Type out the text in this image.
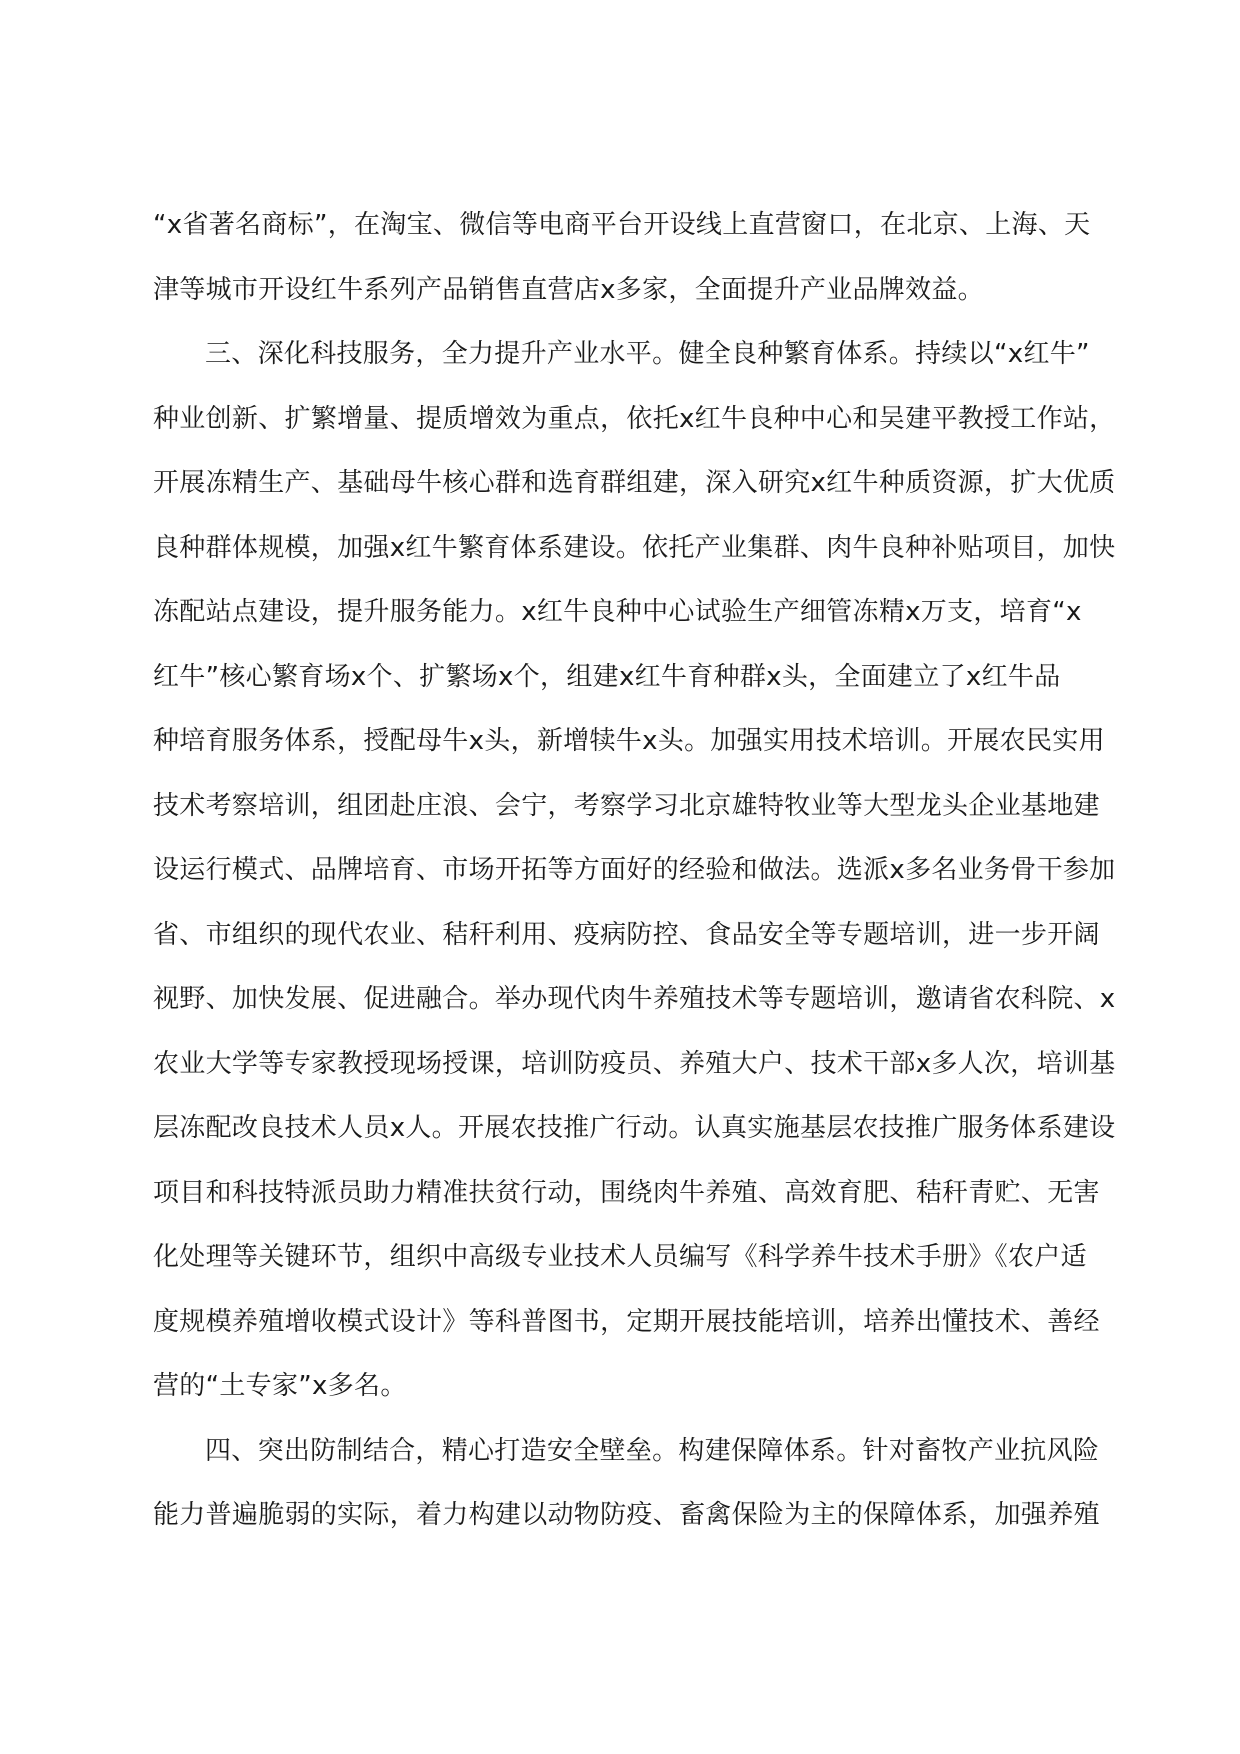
“x省著名商标”，在淘宝、微信等电商平台开设线上直营窗口，在北京、上海、天
津等城市开设红牛系列产品销售直营店x多家，全面提升产业品牌效益。
三、深化科技服务，全力提升产业水平。健全良种繁育体系。持续以“x红牛”
种业创新、扩繁增量、提质增效为重点，依托x红牛良种中心和吴建平教授工作站，
开展冻精生产、基础母牛核心群和选育群组建，深入研究x红牛种质资源，扩大优质
良种群体规模，加强x红牛繁育体系建设。依托产业集群、肉牛良种补贴项目，加快
冻配站点建设，提升服务能力。x红牛良种中心试验生产细管冻精x万支，培育“x
红牛”核心繁育场x个、扩繁场x个，组建x红牛育种群x头，全面建立了x红牛品
种培育服务体系，授配母牛x头，新增犊牛x头。加强实用技术培训。开展农民实用
技术考察培训，组团赴庄浪、会宁，考察学习北京雄特牧业等大型龙头企业基地建
设运行模式、品牌培育、市场开拓等方面好的经验和做法。选派x多名业务骨干参加
省、市组织的现代农业、秸秆利用、疫病防控、食品安全等专题培训，进一步开阔
视野、加快发展、促进融合。举办现代肉牛养殖技术等专题培训，邀请省农科院、x
农业大学等专家教授现场授课，培训防疫员、养殖大户、技术干部x多人次，培训基
层冻配改良技术人员x人。开展农技推广行动。认真实施基层农技推广服务体系建设
项目和科技特派员助力精准扶贫行动，围绕肉牛养殖、高效育肥、秸秆青贮、无害
化处理等关键环节，组织中高级专业技术人员编写《科学养牛技术手册》《农户适
度规模养殖增收模式设计》等科普图书，定期开展技能培训，培养出懂技术、善经
营的“土专家”x多名。
四、突出防制结合，精心打造安全壁垒。构建保障体系。针对畜牧产业抗风险
能力普遍脆弱的实际，着力构建以动物防疫、畜禽保险为主的保障体系，加强养殖
